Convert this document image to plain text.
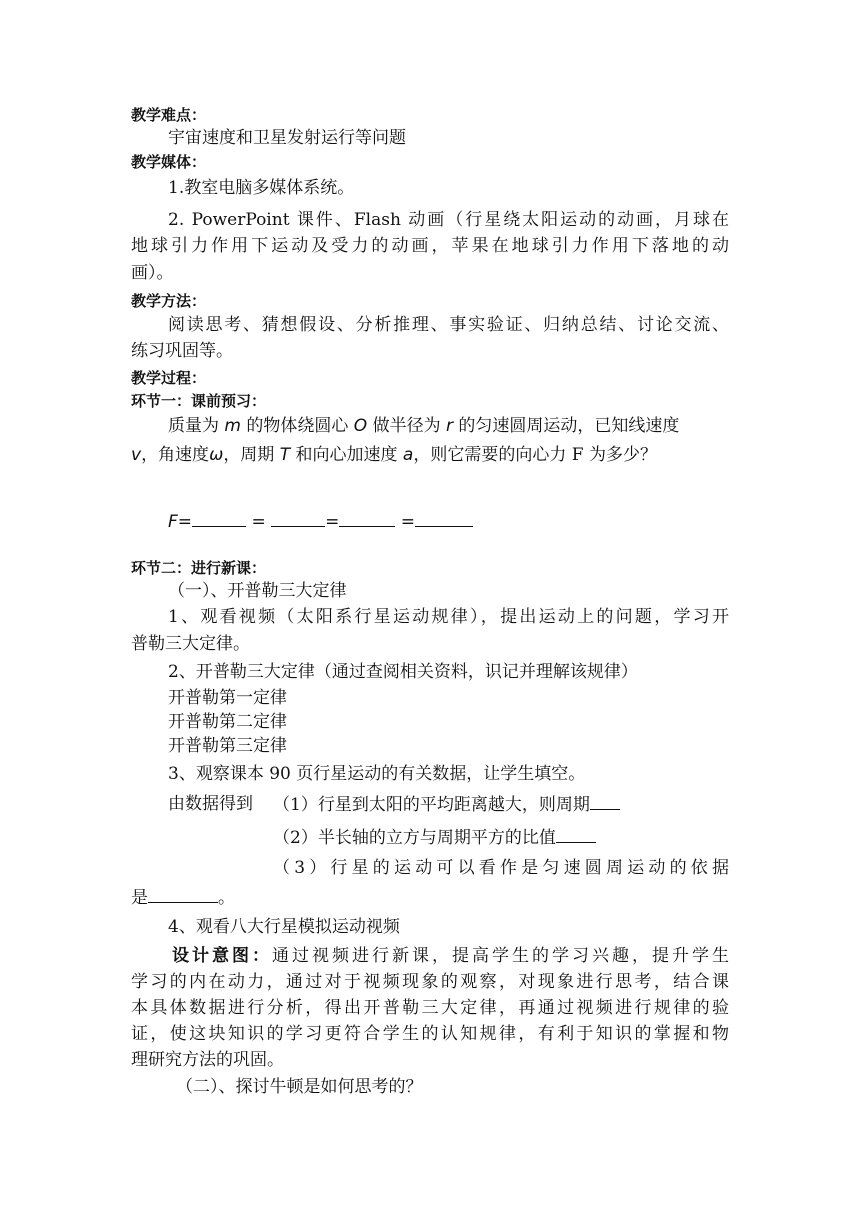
教学难点：
宇宙速度和卫星发射运行等问题
教学媒体：
1.教室电脑多媒体系统。
2. PowerPoint 课件、Flash 动画（行星绕太阳运动的动画，月球在
地球引力作用下运动及受力的动画，苹果在地球引力作用下落地的动
画）。
教学方法：
阅读思考、猜想假设、分析推理、事实验证、归纳总结、讨论交流、
练习巩固等。
教学过程：
环节一：课前预习：
质量为 m 的物体绕圆心 O 做半径为 r 的匀速圆周运动，已知线速度
v，角速度ω，周期 T 和向心加速度 a，则它需要的向心力 F 为多少？
F=	=	=	=
环节二：进行新课：
（一）、开普勒三大定律
1、观看视频（太阳系行星运动规律），提出运动上的问题，学习开
普勒三大定律。
2、开普勒三大定律（通过查阅相关资料，识记并理解该规律）
开普勒第一定律
开普勒第二定律
开普勒第三定律
3、观察课本 90 页行星运动的有关数据，让学生填空。
由数据得到 （1）行星到太阳的平均距离越大，则周期
（2）半长轴的立方与周期平方的比值
（3）行星的运动可以看作是匀速圆周运动的依据
是	。
4、观看八大行星模拟运动视频
设计意图：通过视频进行新课，提高学生的学习兴趣，提升学生
学习的内在动力，通过对于视频现象的观察，对现象进行思考，结合课
本具体数据进行分析，得出开普勒三大定律，再通过视频进行规律的验
证，使这块知识的学习更符合学生的认知规律，有利于知识的掌握和物
理研究方法的巩固。
（二）、探讨牛顿是如何思考的？
